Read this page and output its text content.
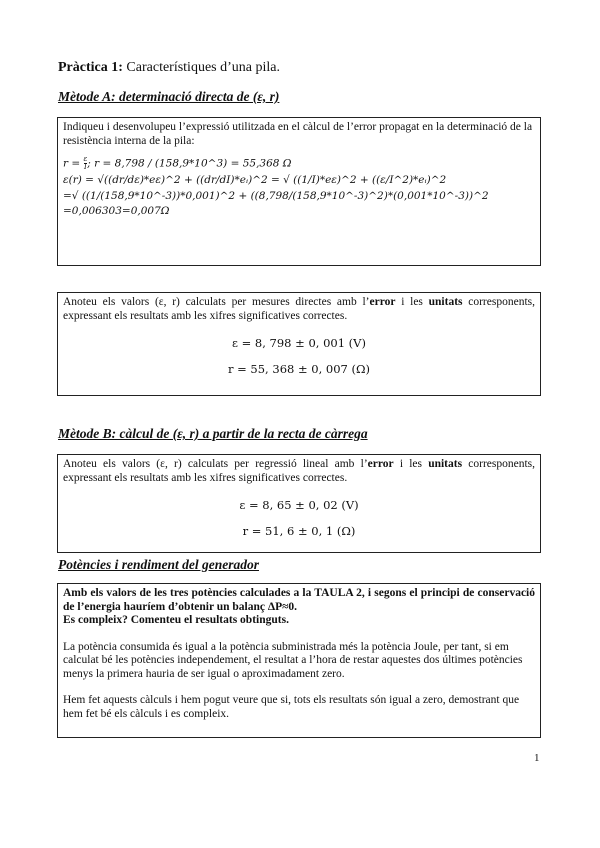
Pràctica 1: Característiques d’una pila.
Mètode A: determinació directa de (ε, r)
Indiqueu i desenvolupeu l’expressió utilitzada en el càlcul de l’error propagat en la determinació de la resistència interna de la pila:
$r = \frac{\varepsilon}{I}$ ; r = 8,798 / (158,9*10^3) = 55,368 Ω
ε(r) = √((dr/dε)*eε)^2 + ((dr/dI)*eᵢ)^2 = √ ((1/I)*eε)^2 + ((ε/I^2)*eᵢ)^2
=√ ((1/(158,9*10^-3))*0,001)^2 + ((8,798/(158,9*10^-3)^2)*(0,001*10^-3))^2
=0,006303=0,007Ω
Anoteu els valors (ε, r) calculats per mesures directes amb l’error i les unitats corresponents, expressant els resultats amb les xifres significatives correctes.
ε = 8, 798 ± 0, 001 (V)
r = 55, 368 ± 0, 007 (Ω)
Mètode B: càlcul de (ε, r) a partir de la recta de càrrega
Anoteu els valors (ε, r) calculats per regressió lineal amb l’error i les unitats corresponents, expressant els resultats amb les xifres significatives correctes.
ε = 8, 65 ± 0, 02 (V)
r = 51, 6 ± 0, 1 (Ω)
Potències i rendiment del generador
Amb els valors de les tres potències calculades a la TAULA 2, i segons el principi de conservació de l’energia hauríem d’obtenir un balanç ΔP≈0.
Es compleix? Comenteu el resultats obtinguts.
La potència consumida és igual a la potència subministrada més la potència Joule, per tant, si em calculat bé les potències independement, el resultat a l’hora de restar aquestes dos últimes potències menys la primera hauria de ser igual o aproximadament zero.
Hem fet aquests càlculs i hem pogut veure que si, tots els resultats són igual a zero, demostrant que hem fet bé els càlculs i es compleix.
1
